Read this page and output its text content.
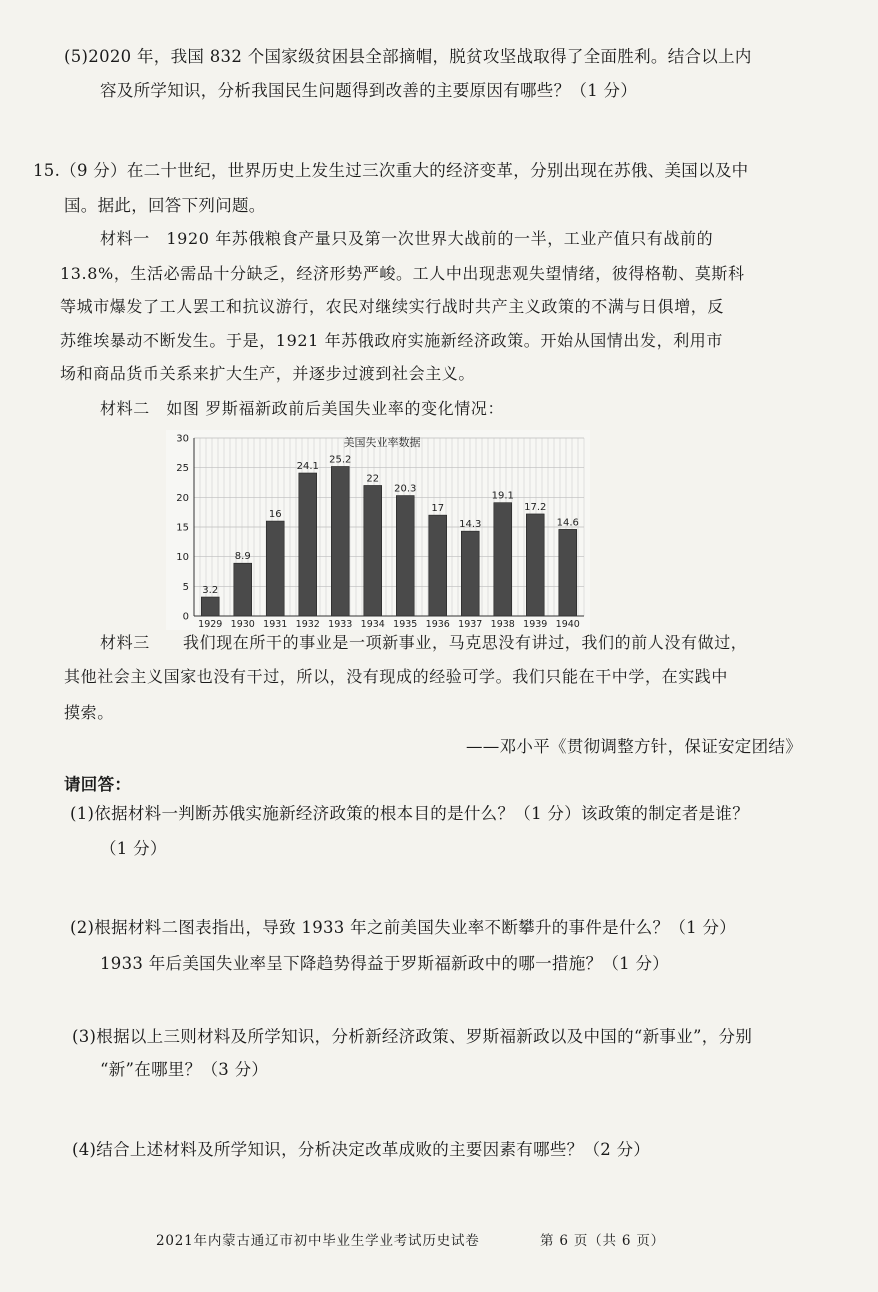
(5)2020 年，我国 832 个国家级贫困县全部摘帽，脱贫攻坚战取得了全面胜利。结合以上内
容及所学知识，分析我国民生问题得到改善的主要原因有哪些？（1 分）
15.（9 分）在二十世纪，世界历史上发生过三次重大的经济变革，分别出现在苏俄、美国以及中
国。据此，回答下列问题。
材料一　1920 年苏俄粮食产量只及第一次世界大战前的一半，工业产值只有战前的
13.8%，生活必需品十分缺乏，经济形势严峻。工人中出现悲观失望情绪，彼得格勒、莫斯科
等城市爆发了工人罢工和抗议游行，农民对继续实行战时共产主义政策的不满与日俱增，反
苏维埃暴动不断发生。于是，1921 年苏俄政府实施新经济政策。开始从国情出发，利用市
场和商品货币关系来扩大生产，并逐步过渡到社会主义。
材料二　如图 罗斯福新政前后美国失业率的变化情况：
0
5
10
15
20
25
30
3.2
8.9
16
24.1
25.2
22
20.3
17
14.3
19.1
17.2
14.6
1929 1930 1931 1932 1933 1934 1935 1936 1937 1938 1939 1940
美国失业率数据
材料三　　我们现在所干的事业是一项新事业，马克思没有讲过，我们的前人没有做过，
其他社会主义国家也没有干过，所以，没有现成的经验可学。我们只能在干中学，在实践中
摸索。
——邓小平《贯彻调整方针，保证安定团结》
请回答：
(1)依据材料一判断苏俄实施新经济政策的根本目的是什么？（1 分）该政策的制定者是谁？
（1 分）
(2)根据材料二图表指出，导致 1933 年之前美国失业率不断攀升的事件是什么？（1 分）
1933 年后美国失业率呈下降趋势得益于罗斯福新政中的哪一措施？（1 分）
(3)根据以上三则材料及所学知识，分析新经济政策、罗斯福新政以及中国的“新事业”，分别
“新”在哪里？（3 分）
(4)结合上述材料及所学知识，分析决定改革成败的主要因素有哪些？（2 分）
2021年内蒙古通辽市初中毕业生学业考试历史试卷	第 6 页（共 6 页）
